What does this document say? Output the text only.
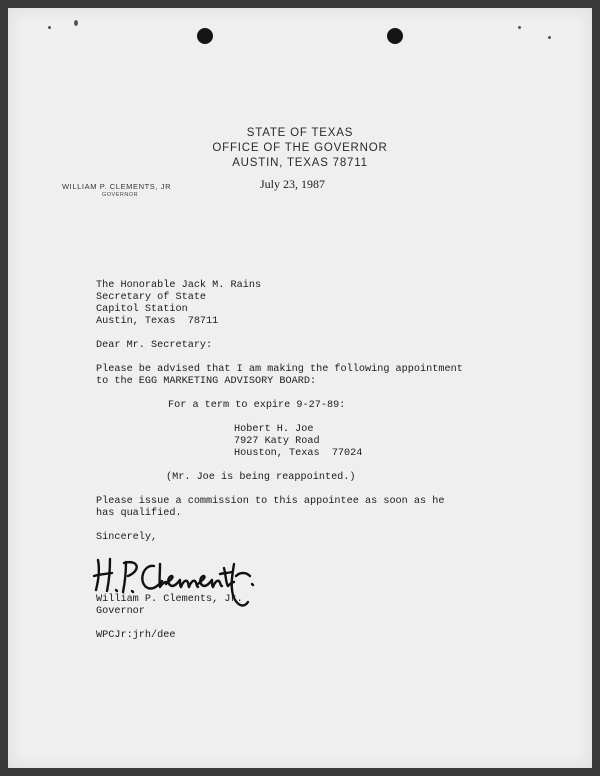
STATE OF TEXAS

OFFICE OF THE GOVERNOR

AUSTIN, TEXAS 78711

WILLIAM P. CLEMENTS, JR
GOVERNOR

July 23, 1987

The Honorable Jack M. Rains

Secretary of State

Capitol Station

Austin, Texas  78711

Dear Mr. Secretary:

Please be advised that I am making the following appointment

to the EGG MARKETING ADVISORY BOARD:

For a term to expire 9-27-89:

Hobert H. Joe

7927 Katy Road

Houston, Texas  77024

(Mr. Joe is being reappointed.)

Please issue a commission to this appointee as soon as he

has qualified.

Sincerely,

William P. Clements, Jr.

Governor

WPCJr:jrh/dee
